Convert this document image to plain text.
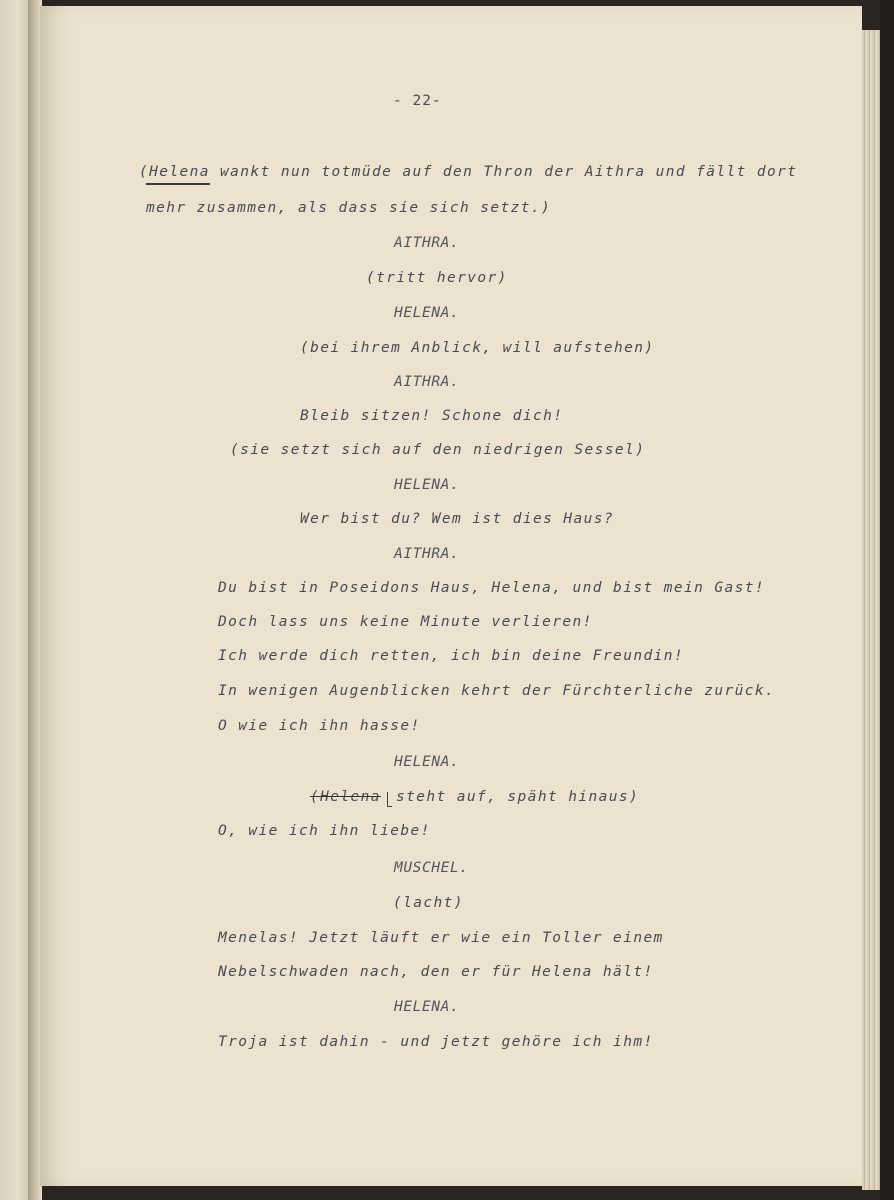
- 22-
(Helena wankt nun totmüde auf den Thron der Aithra und fällt dort
mehr zusammen, als dass sie sich setzt.)
AITHRA.
(tritt hervor)
HELENA.
(bei ihrem Anblick, will aufstehen)
AITHRA.
Bleib sitzen! Schone dich!
(sie setzt sich auf den niedrigen Sessel)
HELENA.
Wer bist du? Wem ist dies Haus?
AITHRA.
Du bist in Poseidons Haus, Helena, und bist mein Gast!
Doch lass uns keine Minute verlieren!
Ich werde dich retten, ich bin deine Freundin!
In wenigen Augenblicken kehrt der Fürchterliche zurück.
O wie ich ihn hasse!
HELENA.
(Helena steht auf, späht hinaus)
O, wie ich ihn liebe!
MUSCHEL.
(lacht)
Menelas! Jetzt läuft er wie ein Toller einem
Nebelschwaden nach, den er für Helena hält!
HELENA.
Troja ist dahin - und jetzt gehöre ich ihm!
